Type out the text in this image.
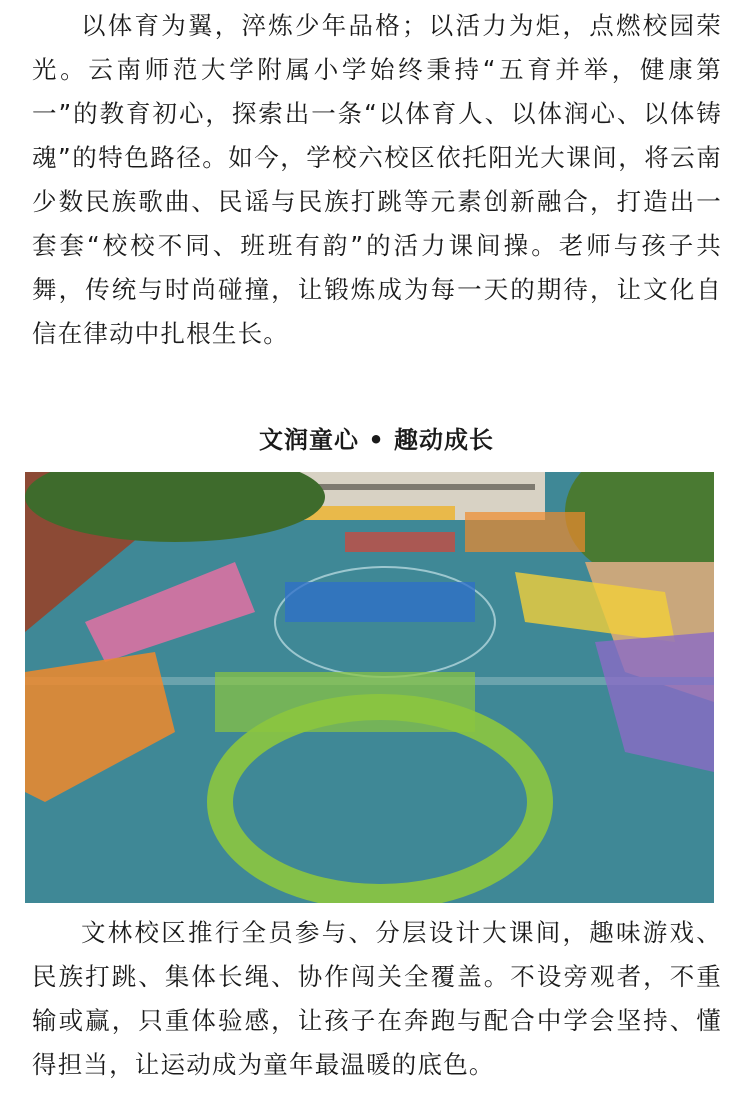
以体育为翼，淬炼少年品格；以活力为炬，点燃校园荣光。云南师范大学附属小学始终秉持“五育并举，健康第一”的教育初心，探索出一条“以体育人、以体润心、以体铸魂”的特色路径。如今，学校六校区依托阳光大课间，将云南少数民族歌曲、民谣与民族打跳等元素创新融合，打造出一套套“校校不同、班班有韵”的活力课间操。老师与孩子共舞，传统与时尚碰撞，让锻炼成为每一天的期待，让文化自信在律动中扎根生长。

文润童心 • 趣动成长

文林校区推行全员参与、分层设计大课间，趣味游戏、民族打跳、集体长绳、协作闯关全覆盖。不设旁观者，不重输或赢，只重体验感，让孩子在奔跑与配合中学会坚持、懂得担当，让运动成为童年最温暖的底色。
